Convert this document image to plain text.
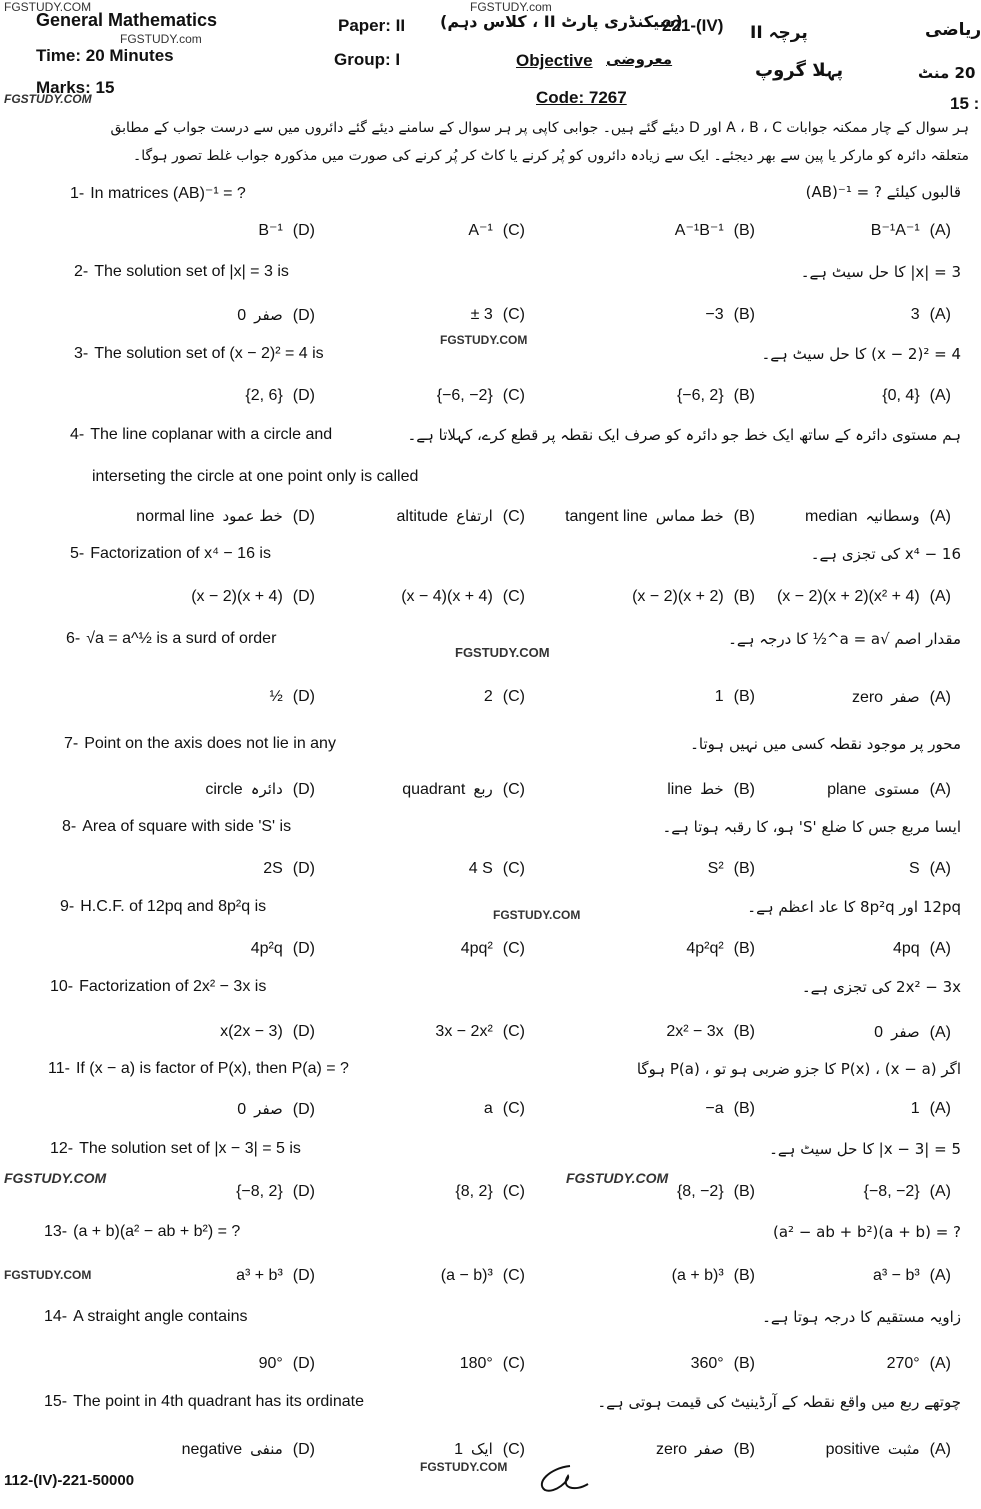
General Mathematics
Time: 20 Minutes
Marks: 15
Paper: II
Group: I
(سیکنڈری پارٹ II ، کلاس دہم)
221-(IV)
Objective معروضی
Code: 7267
پرچہ II
پہلا گروپ
ریاضی
20 منٹ
15 :
ہر سوال کے چار ممکنہ جوابات A ، B ، C اور D دیئے گئے ہیں۔ جوابی کاپی پر ہر سوال کے سامنے دیئے گئے دائروں میں سے درست جواب کے مطابق
متعلقہ دائرہ کو مارکر یا پین سے بھر دیجئے۔ ایک سے زیادہ دائروں کو پُر کرنے یا کاٹ کر پُر کرنے کی صورت میں مذکورہ جواب غلط تصور ہوگا۔
FGSTUDY.COM	FGSTUDY.com
FGSTUDY.com
FGSTUDY.COM
FGSTUDY.COM
FGSTUDY.COM
FGSTUDY.COM
FGSTUDY.COM	FGSTUDY.COM
FGSTUDY.COM
FGSTUDY.COM
1- In matrices (AB)⁻¹ = ?	قالبوں کیلئے ? = ¹⁻(AB)
B⁻¹ (D)	A⁻¹ (C)	A⁻¹B⁻¹ (B)	B⁻¹A⁻¹ (A)
2- The solution set of |x| = 3 is	3 = |x| کا حل سیٹ ہے۔
0 صفر (D)	± 3 (C)	−3 (B)	3 (A)
3- The solution set of (x − 2)² = 4 is	4 = ²(x − 2) کا حل سیٹ ہے۔
{2, 6} (D)	{−6, −2} (C)	{−6, 2} (B)	{0, 4} (A)
4- The line coplanar with a circle and
interseting the circle at one point only is called
ہم مستوی دائرہ کے ساتھ ایک خط جو دائرہ کو صرف ایک نقطہ پر قطع کرے، کہلاتا ہے۔
normal line خط عمود (D)	altitude ارتفاع (C)	tangent line خط مماس (B)	median وسطانیہ (A)
5- Factorization of x⁴ − 16 is	x⁴ − 16 کی تجزی ہے۔
(x − 2)(x + 4) (D)	(x − 4)(x + 4) (C)	(x − 2)(x + 2) (B) (x − 2)(x + 2)(x² + 4) (A)
6- √a = a^½ is a surd of order	مقدار اصم √a = a^½ کا درجہ ہے۔
½ (D)	2 (C)	1 (B)	zero صفر (A)
7- Point on the axis does not lie in any	محور پر موجود نقطہ کسی میں نہیں ہوتا۔
circle دائرہ (D)	quadrant ربع (C)	line خط (B)	plane مستوی (A)
8- Area of square with side 'S' is	ایسا مربع جس کا ضلع 'S' ہو، کا رقبہ ہوتا ہے۔
2S (D)	4 S (C)	S² (B)	S (A)
9- H.C.F. of 12pq and 8p²q is	12pq اور 8p²q کا عاد اعظم ہے۔
4p²q (D)	4pq² (C)	4p²q² (B)	4pq (A)
10- Factorization of 2x² − 3x is	2x² − 3x کی تجزی ہے۔
x(2x − 3) (D)	3x − 2x² (C)	2x² − 3x (B)	0 صفر (A)
11- If (x − a) is factor of P(x), then P(a) = ?	اگر (x − a) ، P(x) کا جزو ضربی ہو تو ، P(a) ہوگا
0 صفر (D)	a (C)	−a (B)	1 (A)
12- The solution set of |x − 3| = 5 is	5 = |x − 3| کا حل سیٹ ہے۔
{−8, 2} (D)	{8, 2} (C)	{8, −2} (B)	{−8, −2} (A)
13- (a + b)(a² − ab + b²) = ?	? = (a + b)(a² − ab + b²)
a³ + b³ (D)	(a − b)³ (C)	(a + b)³ (B)	a³ − b³ (A)
14- A straight angle contains	زاویہ مستقیم کا درجہ ہوتا ہے۔
90° (D)	180° (C)	360° (B)	270° (A)
15- The point in 4th quadrant has its ordinate	چوتھے ربع میں واقع نقطہ کے آرڈینیٹ کی قیمت ہوتی ہے۔
negative منفی (D)	1 ایک (C)	zero صفر (B)	positive مثبت (A)
112-(IV)-221-50000
